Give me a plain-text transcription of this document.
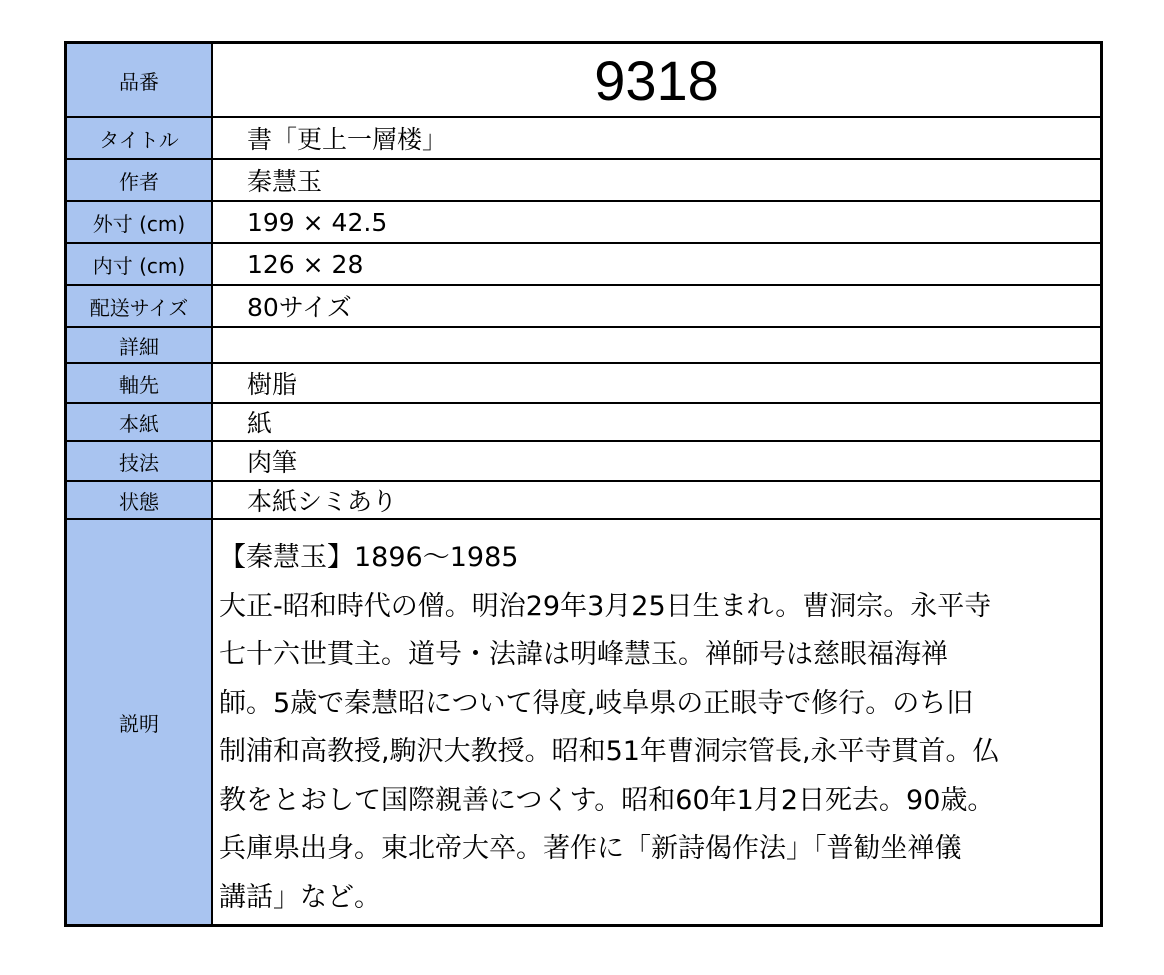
品番	9318
タイトル	書「更上一層楼」
作者	秦慧玉
外寸 (cm)	199 × 42.5
内寸 (cm)	126 × 28
配送サイズ	80サイズ
詳細
軸先	樹脂
本紙	紙
技法	肉筆
状態	本紙シミあり
説明
【秦慧玉】1896〜1985
大正-昭和時代の僧。明治29年3月25日生まれ。曹洞宗。永平寺
七十六世貫主。道号・法諱は明峰慧玉。禅師号は慈眼福海禅
師。5歳で秦慧昭について得度,岐阜県の正眼寺で修行。のち旧
制浦和高教授,駒沢大教授。昭和51年曹洞宗管長,永平寺貫首。仏
教をとおして国際親善につくす。昭和60年1月2日死去。90歳。
兵庫県出身。東北帝大卒。著作に「新詩偈作法」「普勧坐禅儀
講話」など。
